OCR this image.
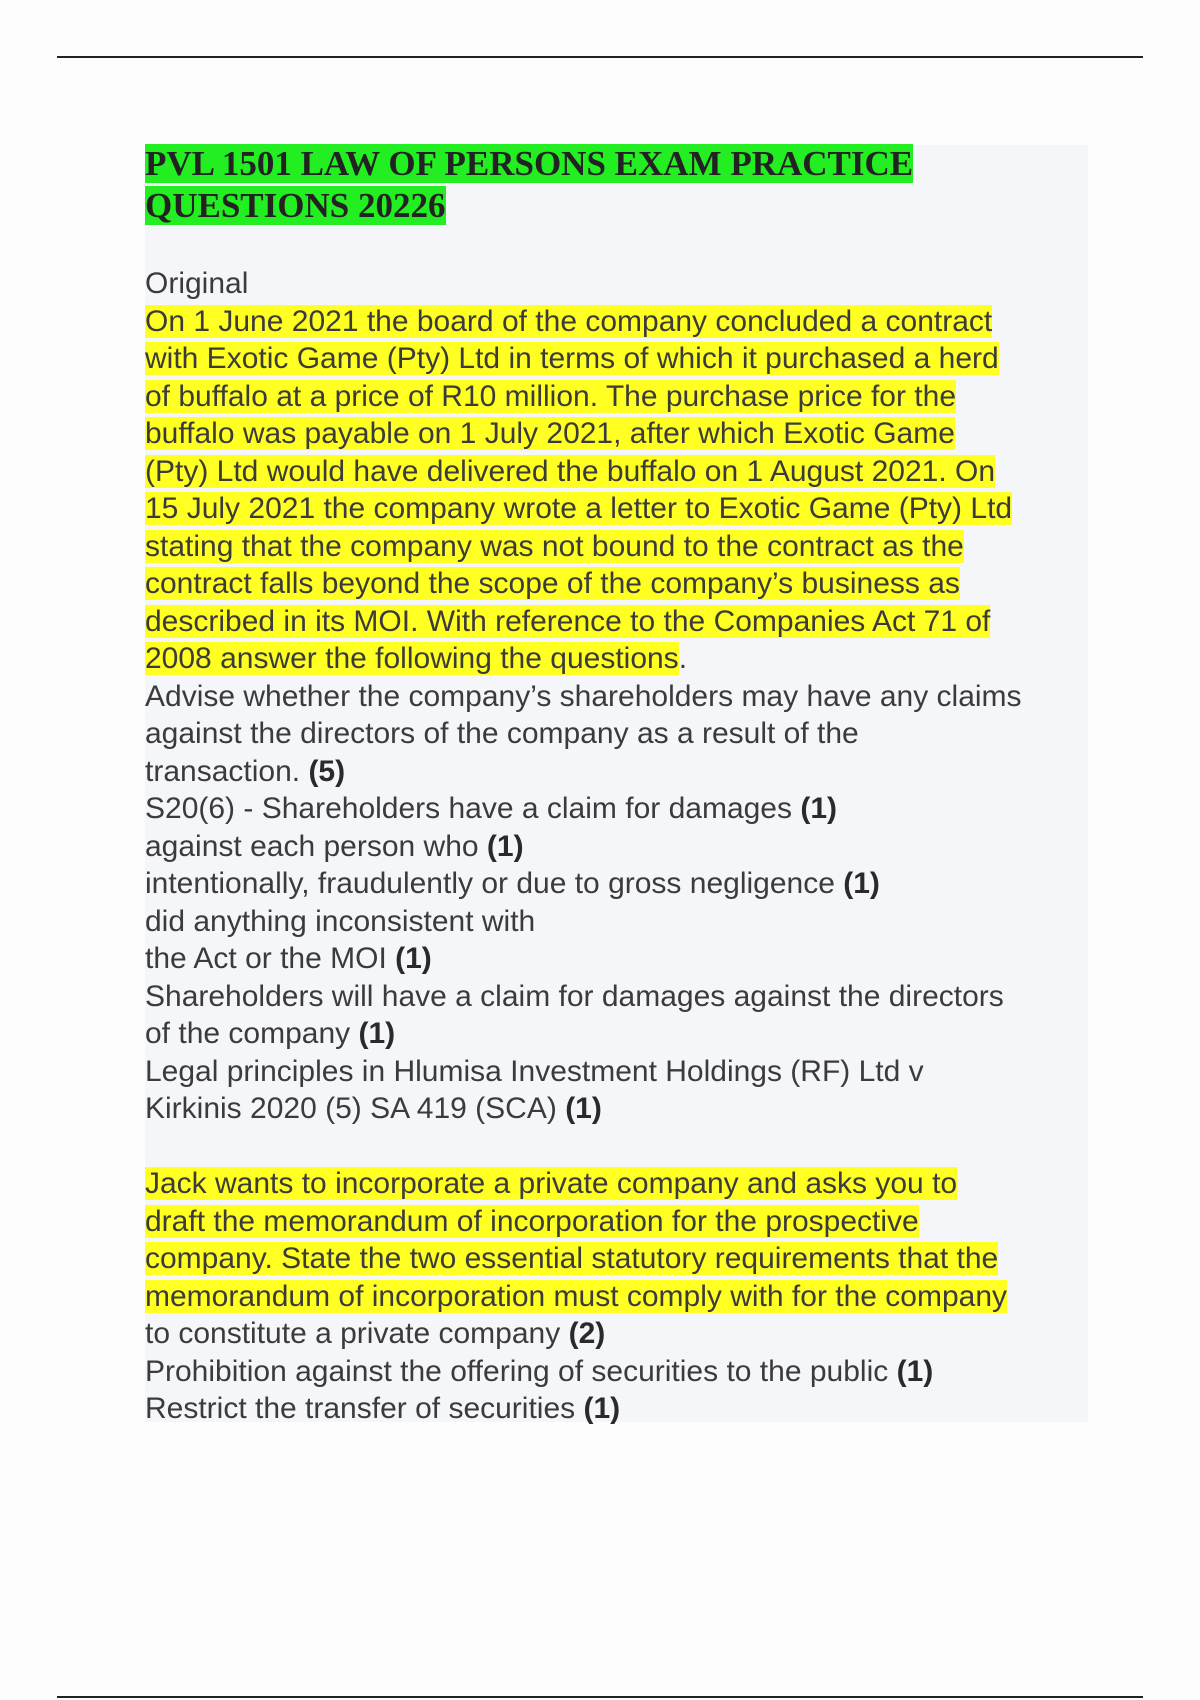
PVL 1501 LAW OF PERSONS EXAM PRACTICE
QUESTIONS 20226
Original
On 1 June 2021 the board of the company concluded a contract
with Exotic Game (Pty) Ltd in terms of which it purchased a herd
of buffalo at a price of R10 million. The purchase price for the
buffalo was payable on 1 July 2021, after which Exotic Game
(Pty) Ltd would have delivered the buffalo on 1 August 2021. On
15 July 2021 the company wrote a letter to Exotic Game (Pty) Ltd
stating that the company was not bound to the contract as the
contract falls beyond the scope of the company’s business as
described in its MOI. With reference to the Companies Act 71 of
2008 answer the following the questions.
Advise whether the company’s shareholders may have any claims
against the directors of the company as a result of the
transaction. (5)
S20(6) - Shareholders have a claim for damages (1)
against each person who (1)
intentionally, fraudulently or due to gross negligence (1)
did anything inconsistent with
the Act or the MOI (1)
Shareholders will have a claim for damages against the directors
of the company (1)
Legal principles in Hlumisa Investment Holdings (RF) Ltd v
Kirkinis 2020 (5) SA 419 (SCA) (1)
Jack wants to incorporate a private company and asks you to
draft the memorandum of incorporation for the prospective
company. State the two essential statutory requirements that the
memorandum of incorporation must comply with for the company
to constitute a private company (2)
Prohibition against the offering of securities to the public (1)
Restrict the transfer of securities (1)
